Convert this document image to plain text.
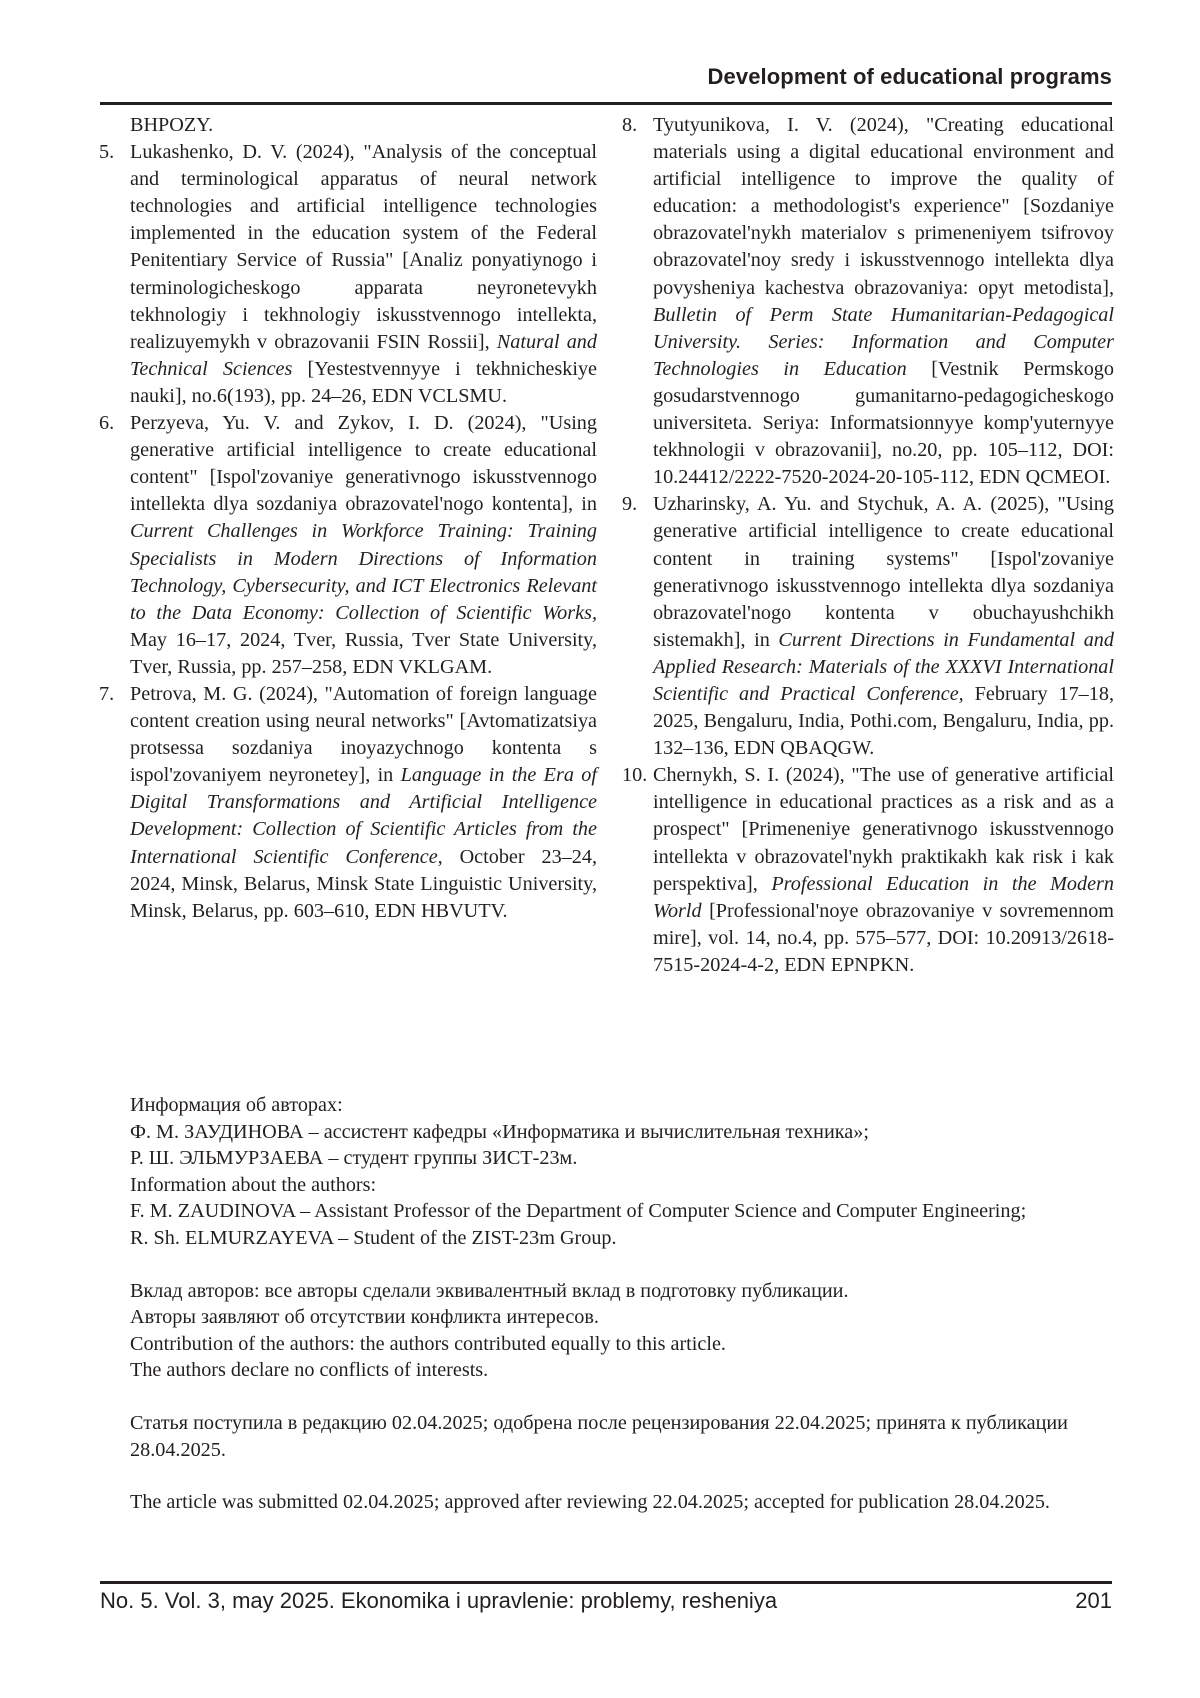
Development of educational programs
BHPOZY.
5. Lukashenko, D. V. (2024), "Analysis of the conceptual and terminological apparatus of neural network technologies and artificial intelligence technologies implemented in the education system of the Federal Penitentiary Service of Russia" [Analiz ponyatiynogo i terminologicheskogo apparata neyronetevykh tekhnologiy i tekhnologiy iskusstvennogo intellekta, realizuyemykh v obrazovanii FSIN Rossii], Natural and Technical Sciences [Yestestvennyye i tekhnicheskiye nauki], no.6(193), pp. 24–26, EDN VCLSMU.
6. Perzyeva, Yu. V. and Zykov, I. D. (2024), "Using generative artificial intelligence to create educational content" [Ispol'zovaniye generativnogo iskusstvennogo intellekta dlya sozdaniya obrazovatel'nogo kontenta], in Current Challenges in Workforce Training: Training Specialists in Modern Directions of Information Technology, Cybersecurity, and ICT Electronics Relevant to the Data Economy: Collection of Scientific Works, May 16–17, 2024, Tver, Russia, Tver State University, Tver, Russia, pp. 257–258, EDN VKLGAM.
7. Petrova, M. G. (2024), "Automation of foreign language content creation using neural networks" [Avtomatizatsiya protsessa sozdaniya inoyazychnogo kontenta s ispol'zovaniyem neyronetey], in Language in the Era of Digital Transformations and Artificial Intelligence Development: Collection of Scientific Articles from the International Scientific Conference, October 23–24, 2024, Minsk, Belarus, Minsk State Linguistic University, Minsk, Belarus, pp. 603–610, EDN HBVUTV.
8. Tyutyunikova, I. V. (2024), "Creating educational materials using a digital educational environment and artificial intelligence to improve the quality of education: a methodologist's experience" [Sozdaniye obrazovatel'nykh materialov s primeneniyem tsifrovoy obrazovatel'noy sredy i iskusstvennogo intellekta dlya povysheniya kachestva obrazovaniya: opyt metodista], Bulletin of Perm State Humanitarian-Pedagogical University. Series: Information and Computer Technologies in Education [Vestnik Permskogo gosudarstvennogo gumanitarno-pedagogicheskogo universiteta. Seriya: Informatsionnyye komp'yuternyye tekhnologii v obrazovanii], no.20, pp. 105–112, DOI: 10.24412/2222-7520-2024-20-105-112, EDN QCMEOI.
9. Uzharinsky, A. Yu. and Stychuk, A. A. (2025), "Using generative artificial intelligence to create educational content in training systems" [Ispol'zovaniye generativnogo iskusstvennogo intellekta dlya sozdaniya obrazovatel'nogo kontenta v obuchayushchikh sistemakh], in Current Directions in Fundamental and Applied Research: Materials of the XXXVI International Scientific and Practical Conference, February 17–18, 2025, Bengaluru, India, Pothi.com, Bengaluru, India, pp. 132–136, EDN QBAQGW.
10. Chernykh, S. I. (2024), "The use of generative artificial intelligence in educational practices as a risk and as a prospect" [Primeneniye generativnogo iskusstvennogo intellekta v obrazovatel'nykh praktikakh kak risk i kak perspektiva], Professional Education in the Modern World [Professional'noye obrazovaniye v sovremennom mire], vol. 14, no.4, pp. 575–577, DOI: 10.20913/2618-7515-2024-4-2, EDN EPNPKN.

Информация об авторах:

Ф. М. ЗАУДИНОВА – ассистент кафедры «Информатика и вычислительная техника»;

Р. Ш. ЭЛЬМУРЗАЕВА – студент группы ЗИСТ-23м.

Information about the authors:

F. M. ZAUDINOVA – Assistant Professor of the Department of Computer Science and Computer Engineering;

R. Sh. ELMURZAYEVA – Student of the ZIST-23m Group.

Вклад авторов: все авторы сделали эквивалентный вклад в подготовку публикации.

Авторы заявляют об отсутствии конфликта интересов.

Contribution of the authors: the authors contributed equally to this article.

The authors declare no conflicts of interests.

Статья поступила в редакцию 02.04.2025; одобрена после рецензирования 22.04.2025; принята к публикации 28.04.2025.

The article was submitted 02.04.2025; approved after reviewing 22.04.2025; accepted for publication 28.04.2025.

No. 5. Vol. 3, may 2025. Ekonomika i upravlenie: problemy, resheniya	201
